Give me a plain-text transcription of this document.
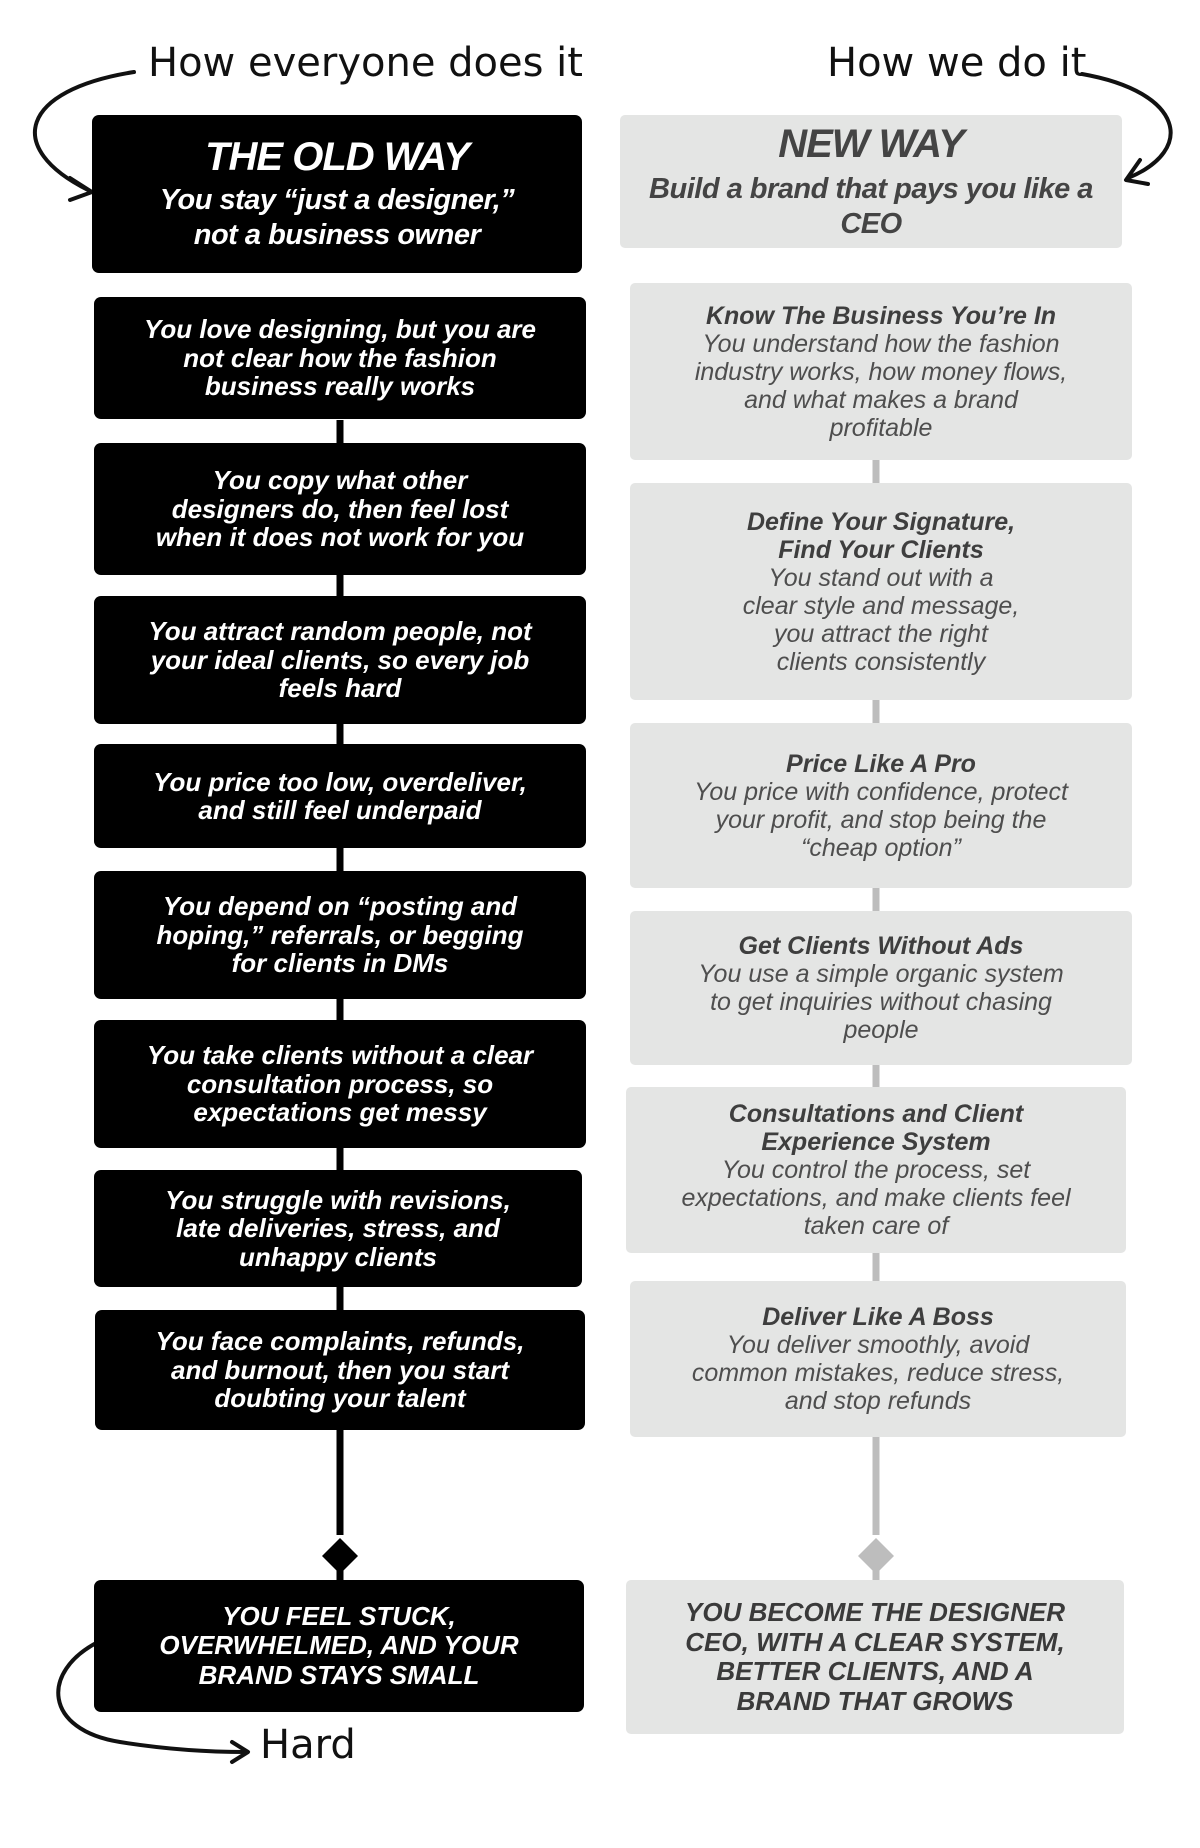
How everyone does it	How we do it
Hard
THE OLD WAY
You stay “just a designer,”
not a business owner
NEW WAY
Build a brand that pays you like a CEO
You love designing, but you are
not clear how the fashion
business really works
You copy what other
designers do, then feel lost
when it does not work for you
You attract random people, not
your ideal clients, so every job
feels hard
You price too low, overdeliver,
and still feel underpaid
You depend on “posting and
hoping,” referrals, or begging
for clients in DMs
You take clients without a clear
consultation process, so
expectations get messy
You struggle with revisions,
late deliveries, stress, and
unhappy clients
You face complaints, refunds,
and burnout, then you start
doubting your talent
YOU FEEL STUCK,
OVERWHELMED, AND YOUR
BRAND STAYS SMALL
Know The Business You’re In
You understand how the fashion
industry works, how money flows,
and what makes a brand
profitable
Define Your Signature,
Find Your Clients
You stand out with a
clear style and message,
you attract the right
clients consistently
Price Like A Pro
You price with confidence, protect
your profit, and stop being the
“cheap option”
Get Clients Without Ads
You use a simple organic system
to get inquiries without chasing
people
Consultations and Client
Experience System
You control the process, set
expectations, and make clients feel
taken care of
Deliver Like A Boss
You deliver smoothly, avoid
common mistakes, reduce stress,
and stop refunds
YOU BECOME THE DESIGNER
CEO, WITH A CLEAR SYSTEM,
BETTER CLIENTS, AND A
BRAND THAT GROWS
